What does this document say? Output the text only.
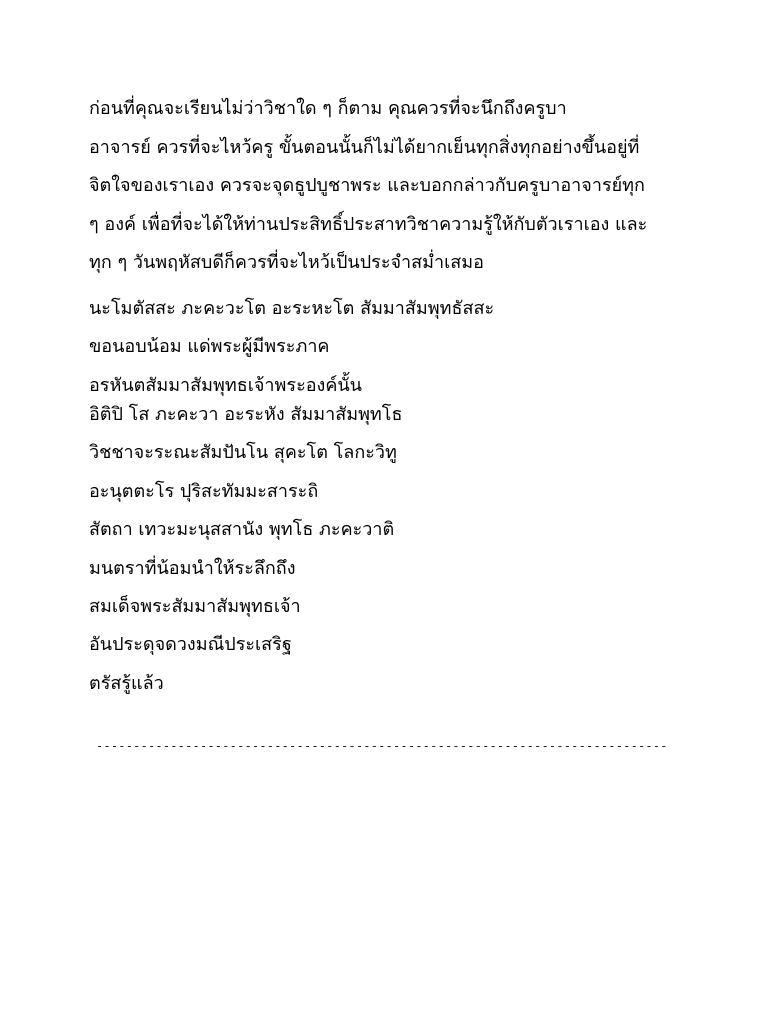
ก่อนที่คุณจะเรียนไม่ว่าวิชาใด ๆ ก็ตาม คุณควรที่จะนึกถึงครูบา
อาจารย์ ควรที่จะไหว้ครู ขั้นตอนนั้นก็ไม่ได้ยากเย็นทุกสิ่งทุกอย่างขึ้นอยู่ที่
จิตใจของเราเอง ควรจะจุดธูปบูชาพระ และบอกกล่าวกับครูบาอาจารย์ทุก
ๆ องค์ เพื่อที่จะได้ให้ท่านประสิทธิ์ประสาทวิชาความรู้ให้กับตัวเราเอง และ
ทุก ๆ วันพฤหัสบดีก็ควรที่จะไหว้เป็นประจำสม่ำเสมอ
นะโมตัสสะ ภะคะวะโต อะระหะโต สัมมาสัมพุทธัสสะ
ขอนอบน้อม แด่พระผู้มีพระภาค
อรหันตสัมมาสัมพุทธเจ้าพระองค์นั้น
อิติปิ โส ภะคะวา อะระหัง สัมมาสัมพุทโธ
วิชชาจะระณะสัมปันโน สุคะโต โลกะวิทู
อะนุตตะโร ปุริสะทัมมะสาระถิ
สัตถา เทวะมะนุสสานัง พุทโธ ภะคะวาติ
มนตราที่น้อมนำให้ระลึกถึง
สมเด็จพระสัมมาสัมพุทธเจ้า
อันประดุจดวงมณีประเสริฐ
ตรัสรู้แล้ว
-----------------------------------------------------------------------------
